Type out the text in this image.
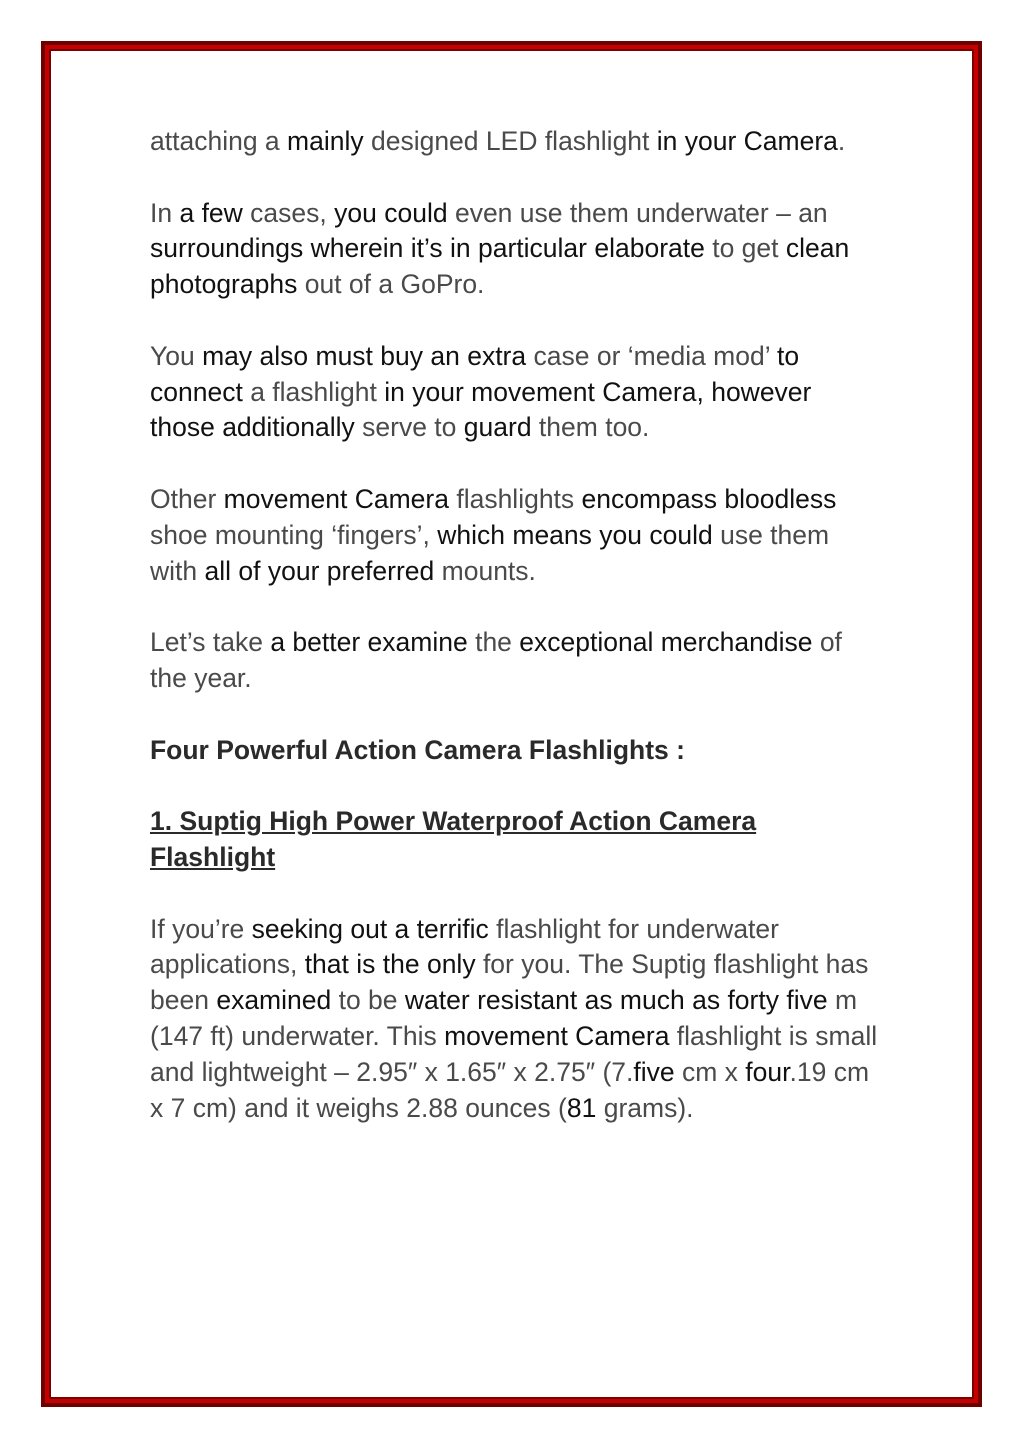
attaching a mainly designed LED flashlight in your Camera.

In a few cases, you could even use them underwater – an surroundings wherein it’s in particular elaborate to get clean photographs out of a GoPro.

You may also must buy an extra case or ‘media mod’ to connect a flashlight in your movement Camera, however those additionally serve to guard them too.

Other movement Camera flashlights encompass bloodless shoe mounting ‘fingers’, which means you could use them with all of your preferred mounts.

Let’s take a better examine the exceptional merchandise of the year.

Four Powerful Action Camera Flashlights :

1. Suptig High Power Waterproof Action Camera Flashlight

If you’re seeking out a terrific flashlight for underwater applications, that is the only for you. The Suptig flashlight has been examined to be water resistant as much as forty five m (147 ft) underwater. This movement Camera flashlight is small and lightweight – 2.95″ x 1.65″ x 2.75″ (7.five cm x four.19 cm x 7 cm) and it weighs 2.88 ounces (81 grams).
